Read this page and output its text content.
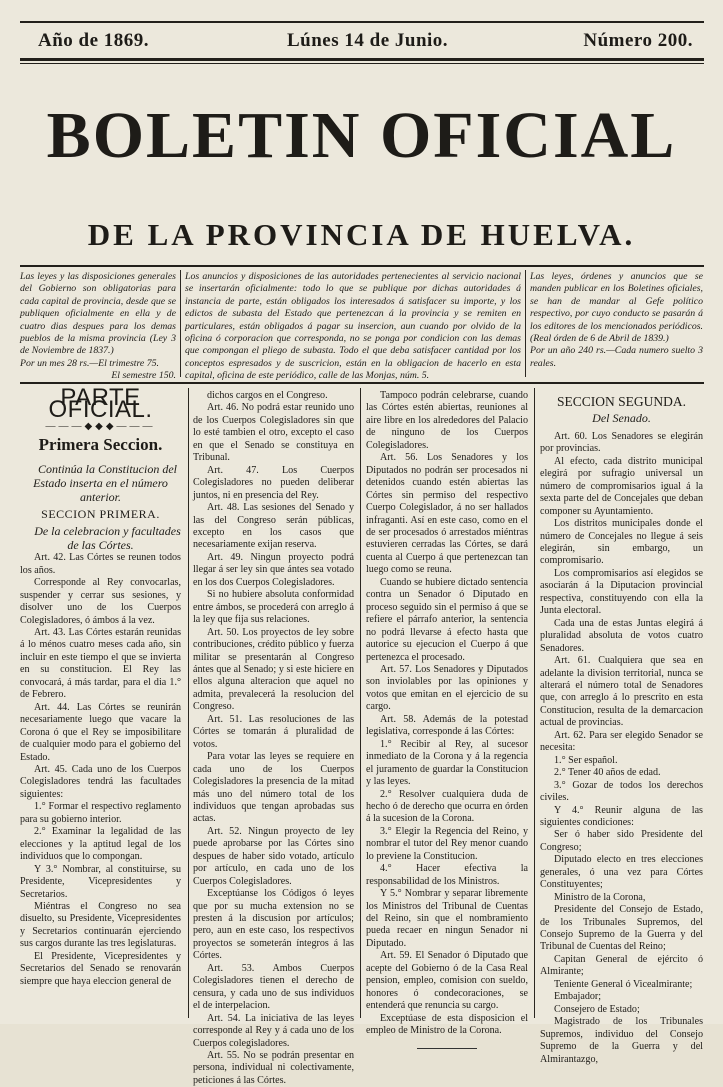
Año de 1869.	Lúnes 14 de Junio.	Número 200.
BOLETIN OFICIAL
DE LA PROVINCIA DE HUELVA.

Las leyes y las disposiciones generales del Gobierno son obligatorias para cada capital de provincia, desde que se publiquen oficialmente en ella y de cuatro dias despues para los demas pueblos de la misma provincia (Ley 3 de Noviembre de 1837.)

Por un mes 28 rs.—El trimestre 75.

El semestre 150.

Los anuncios y disposiciones de las autoridades pertenecientes al servicio nacional se insertarán oficialmente: todo lo que se publique por dichas autoridades á instancia de parte, están obligados los interesados á satisfacer su importe, y los edictos de subasta del Estado que pertenezcan á la provincia y se remiten en particulares, están obligados á pagar su insercion, aun cuando por olvido de la oficina ó corporacion que corresponda, no se ponga por condicion con las demas que compongan el pliego de subasta. Todo el que deba satisfacer cantidad por los conceptos espresados y de suscricion, están en la obligacion de hacerlo en esta capital, oficina de este periódico, calle de las Monjas, núm. 5.

Las leyes, órdenes y anuncios que se manden publicar en los Boletines oficiales, se han de mandar al Gefe político respectivo, por cuyo conducto se pasarán á los editores de los mencionados periódicos. (Real órden de 6 de Abril de 1839.)

Por un año 240 rs.—Cada numero suelto 3 reales.

PARTE OFICIAL.
———◆◆◆———
Primera Seccion.

Continúa la Constitucion del Estado inserta en el número anterior.

SECCION PRIMERA.

De la celebracion y facultades de las Córtes.

Art. 42. Las Córtes se reunen todos los años.

Corresponde al Rey convocarlas, suspender y cerrar sus sesiones, y disolver uno de los Cuerpos Colegisladores, ó ámbos á la vez.

Art. 43. Las Córtes estarán reunidas á lo ménos cuatro meses cada año, sin incluir en este tiempo el que se invierta en su constitucion. El Rey las convocará, á más tardar, para el dia 1.° de Febrero.

Art. 44. Las Córtes se reunirán necesariamente luego que vacare la Corona ó que el Rey se imposibilitare de cualquier modo para el gobierno del Estado.

Art. 45. Cada uno de los Cuerpos Colegisladores tendrá las facultades siguientes:

1.° Formar el respectivo reglamento para su gobierno interior.

2.° Examinar la legalidad de las elecciones y la aptitud legal de los individuos que lo compongan.

Y 3.° Nombrar, al constituirse, su Presidente, Vicepresidentes y Secretarios.

Miéntras el Congreso no sea disuelto, su Presidente, Vicepresidentes y Secretarios continuarán ejerciendo sus cargos durante las tres legislaturas.

El Presidente, Vicepresidentes y Secretarios del Senado se renovarán siempre que haya eleccion general de

dichos cargos en el Congreso.

Art. 46. No podrá estar reunido uno de los Cuerpos Colegisladores sin que lo esté tambien el otro, excepto el caso en que el Senado se constituya en Tribunal.

Art. 47. Los Cuerpos Colegisladores no pueden deliberar juntos, ni en presencia del Rey.

Art. 48. Las sesiones del Senado y las del Congreso serán públicas, excepto en los casos que necesariamente exijan reserva.

Art. 49. Ningun proyecto podrá llegar á ser ley sin que ántes sea votado en los dos Cuerpos Colegisladores.

Si no hubiere absoluta conformidad entre ámbos, se procederá con arreglo á la ley que fija sus relaciones.

Art. 50. Los proyectos de ley sobre contribuciones, crédito público y fuerza militar se presentarán al Congreso ántes que al Senado; y si este hiciere en ellos alguna alteracion que aquel no admita, prevalecerá la resolucion del Congreso.

Art. 51. Las resoluciones de las Córtes se tomarán á pluralidad de votos.

Para votar las leyes se requiere en cada uno de los Cuerpos Colegisladores la presencia de la mitad más uno del número total de los individuos que tengan aprobadas sus actas.

Art. 52. Ningun proyecto de ley puede aprobarse por las Córtes sino despues de haber sido votado, artículo por artículo, en cada uno de los Cuerpos Colegisladores.

Exceptúanse los Códigos ó leyes que por su mucha extension no se presten á la discusion por artículos; pero, aun en este caso, los respectivos proyectos se someterán íntegros á las Córtes.

Art. 53. Ambos Cuerpos Colegisladores tienen el derecho de censura, y cada uno de sus individuos el de interpelacion.

Art. 54. La iniciativa de las leyes corresponde al Rey y á cada uno de los Cuerpos colegisladores.

Art. 55. No se podrán presentar en persona, individual ni colectivamente, peticiones á las Córtes.

Tampoco podrán celebrarse, cuando las Córtes estén abiertas, reuniones al aire libre en los alrededores del Palacio de ninguno de los Cuerpos Colegisladores.

Art. 56. Los Senadores y los Diputados no podrán ser procesados ni detenidos cuando estén abiertas las Córtes sin permiso del respectivo Cuerpo Colegislador, á no ser hallados infraganti. Así en este caso, como en el de ser procesados ó arrestados miéntras estuvieren cerradas las Córtes, se dará cuenta al Cuerpo á que pertenezcan tan luego como se reuna.

Cuando se hubiere dictado sentencia contra un Senador ó Diputado en proceso seguido sin el permiso á que se refiere el párrafo anterior, la sentencia no podrá llevarse á efecto hasta que autorice su ejecucion el Cuerpo á que pertenezca el procesado.

Art. 57. Los Senadores y Diputados son inviolables por las opiniones y votos que emitan en el ejercicio de su cargo.

Art. 58. Además de la potestad legislativa, corresponde á las Córtes:

1.° Recibir al Rey, al sucesor inmediato de la Corona y á la regencia el juramento de guardar la Constitucion y las leyes.

2.° Resolver cualquiera duda de hecho ó de derecho que ocurra en órden á la sucesion de la Corona.

3.° Elegir la Regencia del Reino, y nombrar el tutor del Rey menor cuando lo previene la Constitucion.

4.° Hacer efectiva la responsabilidad de los Ministros.

Y 5.° Nombrar y separar libremente los Ministros del Tribunal de Cuentas del Reino, sin que el nombramiento pueda recaer en ningun Senador ni Diputado.

Art. 59. El Senador ó Diputado que acepte del Gobierno ó de la Casa Real pension, empleo, comision con sueldo, honores ó condecoraciones, se entenderá que renuncia su cargo.

Exceptúase de esta disposicion el empleo de Ministro de la Corona.

SECCION SEGUNDA.

Del Senado.

Art. 60. Los Senadores se elegirán por provincias.

Al efecto, cada distrito municipal elegirá por sufragio universal un número de compromisarios igual á la sexta parte del de Concejales que deban componer su Ayuntamiento.

Los distritos municipales donde el número de Concejales no llegue á seis elegirán, sin embargo, un compromisario.

Los compromisarios así elegidos se asociarán á la Diputacion provincial respectiva, constituyendo con ella la Junta electoral.

Cada una de estas Juntas elegirá á pluralidad absoluta de votos cuatro Senadores.

Art. 61. Cualquiera que sea en adelante la division territorial, nunca se alterará el número total de Senadores que, con arreglo á lo prescrito en esta Constitucion, resulta de la demarcacion actual de provincias.

Art. 62. Para ser elegido Senador se necesita:

1.° Ser español.

2.° Tener 40 años de edad.

3.° Gozar de todos los derechos civiles.

Y 4.° Reunir alguna de las siguientes condiciones:

Ser ó haber sido Presidente del Congreso;

Diputado electo en tres elecciones generales, ó una vez para Córtes Constituyentes;

Ministro de la Corona,

Presidente del Consejo de Estado, de los Tribunales Supremos, del Consejo Supremo de la Guerra y del Tribunal de Cuentas del Reino;

Capitan General de ejército ó Almirante;

Teniente General ó Vicealmirante;

Embajador;

Consejero de Estado;

Magistrado de los Tribunales Supremos, individuo del Consejo Supremo de la Guerra y del Almirantazgo,
